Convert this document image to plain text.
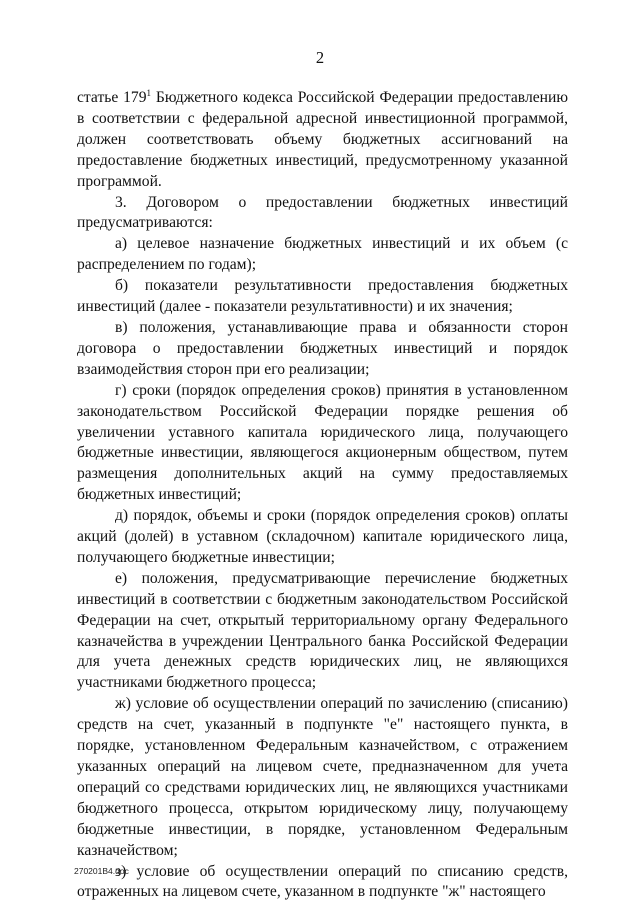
2

статье $179^1$ Бюджетного кодекса Российской Федерации предоставлению в соответствии с федеральной адресной инвестиционной программой, должен соответствовать объему бюджетных ассигнований на предоставление бюджетных инвестиций, предусмотренному указанной программой.

3. Договором о предоставлении бюджетных инвестиций предусматриваются:

а) целевое назначение бюджетных инвестиций и их объем (с распределением по годам);

б) показатели результативности предоставления бюджетных инвестиций (далее - показатели результативности) и их значения;

в) положения, устанавливающие права и обязанности сторон договора о предоставлении бюджетных инвестиций и порядок взаимодействия сторон при его реализации;

г) сроки (порядок определения сроков) принятия в установленном законодательством Российской Федерации порядке решения об увеличении уставного капитала юридического лица, получающего бюджетные инвестиции, являющегося акционерным обществом, путем размещения дополнительных акций на сумму предоставляемых бюджетных инвестиций;

д) порядок, объемы и сроки (порядок определения сроков) оплаты акций (долей) в уставном (складочном) капитале юридического лица, получающего бюджетные инвестиции;

е) положения, предусматривающие перечисление бюджетных инвестиций в соответствии с бюджетным законодательством Российской Федерации на счет, открытый территориальному органу Федерального казначейства в учреждении Центрального банка Российской Федерации для учета денежных средств юридических лиц, не являющихся участниками бюджетного процесса;

ж) условие об осуществлении операций по зачислению (списанию) средств на счет, указанный в подпункте "е" настоящего пункта, в порядке, установленном Федеральным казначейством, с отражением указанных операций на лицевом счете, предназначенном для учета операций со средствами юридических лиц, не являющихся участниками бюджетного процесса, открытом юридическому лицу, получающему бюджетные инвестиции, в порядке, установленном Федеральным казначейством;

з) условие об осуществлении операций по списанию средств, отраженных на лицевом счете, указанном в подпункте "ж" настоящего

270201В4.doc
